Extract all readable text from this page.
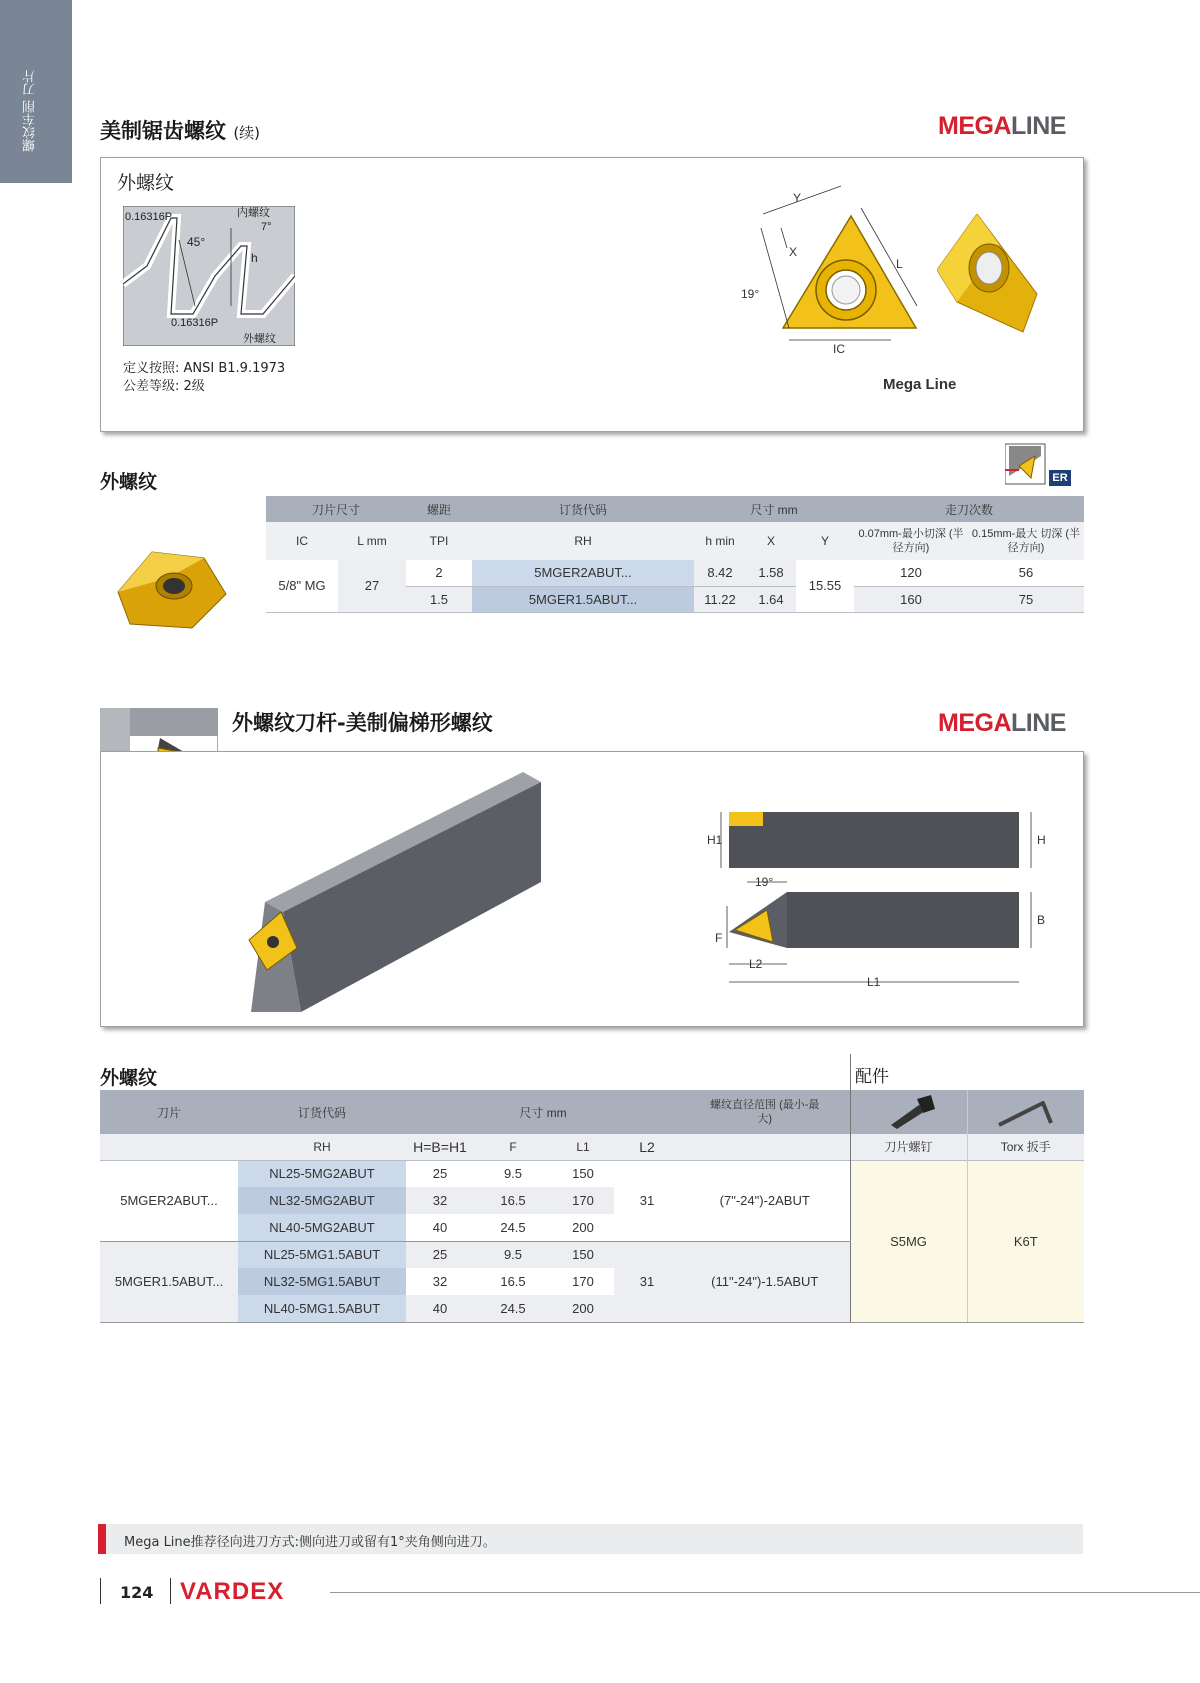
螺纹车削 刀片	美制锯齿螺纹 (续)	MEGALINE
外螺纹
0.16316P
45°
内螺纹
7°
h
0.16316P
外螺纹
定义按照: ANSI B1.9.1973
公差等级: 2级
Y
X
L
IC
19°
Mega Line
外螺纹	ER
刀片尺寸		螺距	订货代码	尺寸 mm			走刀次数	
IC	L mm	TPI	RH	h min	X	Y	0.07mm-最小切深 (半径方向)	0.15mm-最大 切深 (半径方向)
5/8" MG	27	2	5MGER2ABUT...	8.42	1.58	15.55	120	56
		1.5	5MGER1.5ABUT...	11.22	1.64		160	75
外螺纹刀杆-美制偏梯形螺纹	MEGALINE
H1	H
19°
F
B
L2
L1
外螺纹	配件
刀片	订货代码	尺寸 mm				螺纹直径范围 (最小-最大)		
	RH	H=B=H1	F	L1	L2		刀片螺钉	Torx 扳手
5MGER2ABUT...	NL25-5MG2ABUT	25	9.5	150	31	(7"-24")-2ABUT	S5MG	K6T
	NL32-5MG2ABUT	32	16.5	170				
	NL40-5MG2ABUT	40	24.5	200				
5MGER1.5ABUT...	NL25-5MG1.5ABUT	25	9.5	150	31	(11"-24")-1.5ABUT		
	NL32-5MG1.5ABUT	32	16.5	170				
	NL40-5MG1.5ABUT	40	24.5	200				
Mega Line推荐径向进刀方式:侧向进刀或留有1°夹角侧向进刀。
124 VARDEX
